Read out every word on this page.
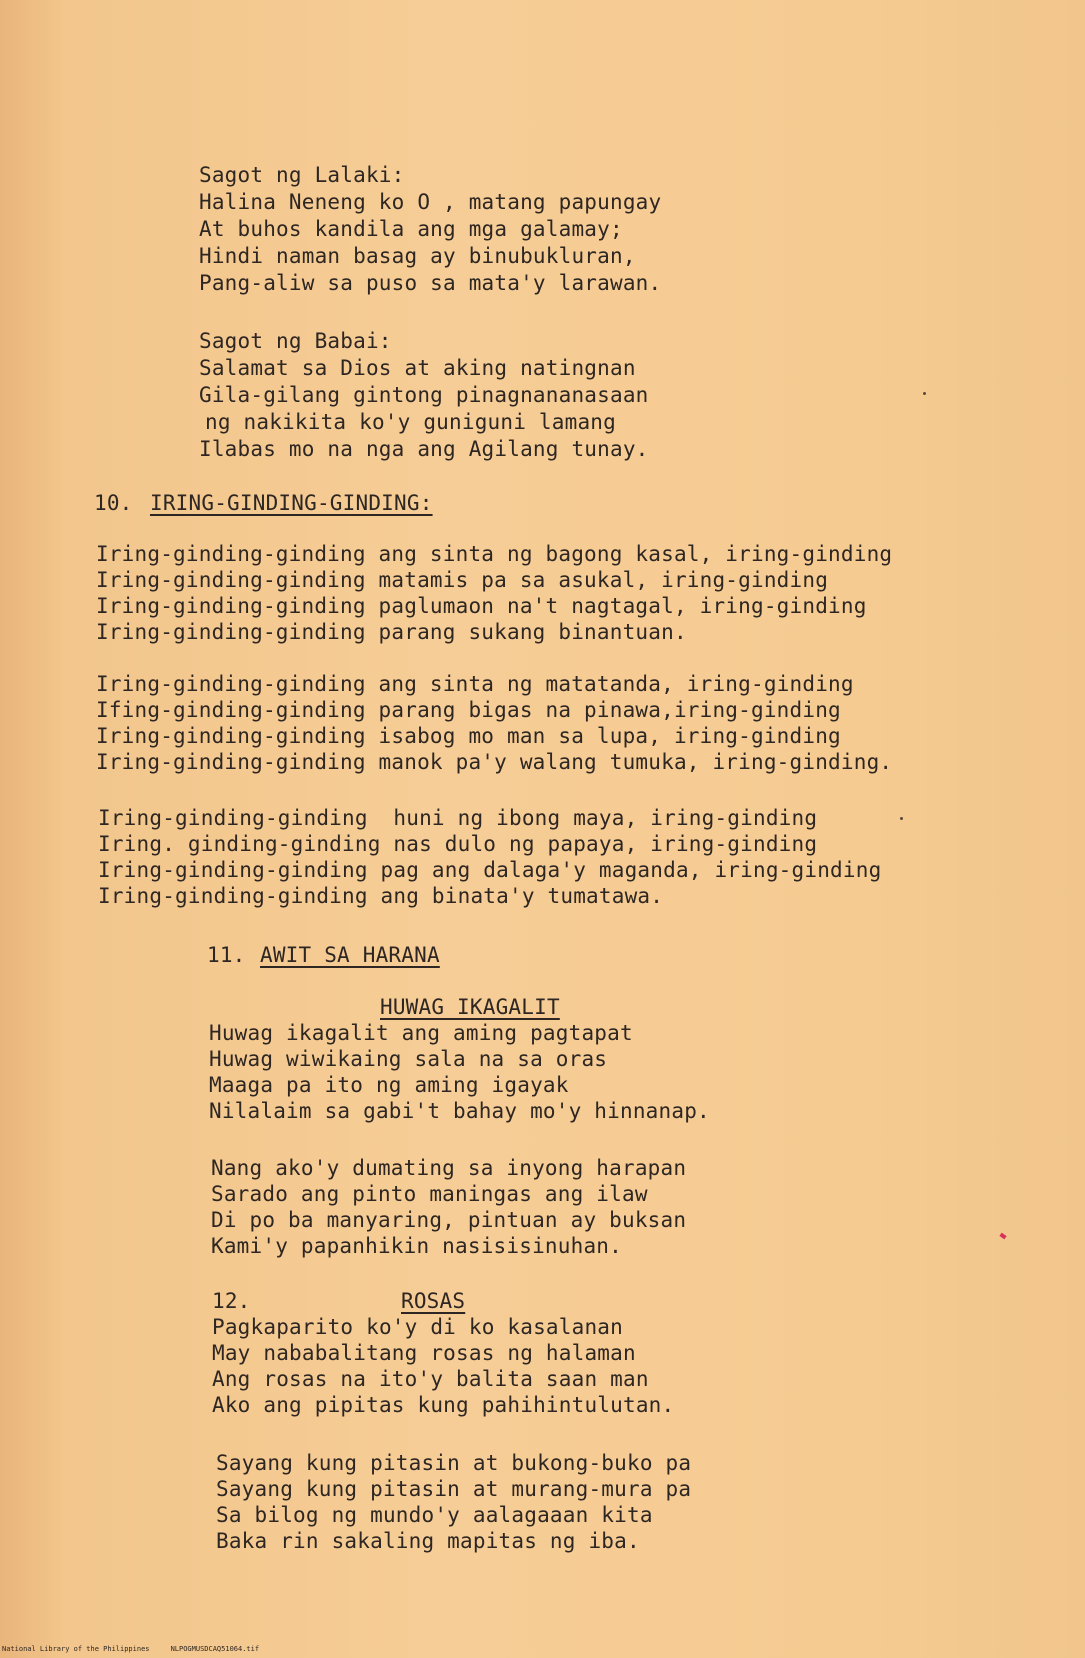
Sagot ng Lalaki:
Halina Neneng ko O , matang papungay
At buhos kandila ang mga galamay;
Hindi naman basag ay binubukluran,
Pang-aliw sa puso sa mata'y larawan.
Sagot ng Babai:
Salamat sa Dios at aking natingnan
Gila-gilang gintong pinagnananasaan
ng nakikita ko'y guniguni lamang
Ilabas mo na nga ang Agilang tunay.
10. IRING-GINDING-GINDING:
Iring-ginding-ginding ang sinta ng bagong kasal, iring-ginding
Iring-ginding-ginding matamis pa sa asukal, iring-ginding
Iring-ginding-ginding paglumaon na't nagtagal, iring-ginding
Iring-ginding-ginding parang sukang binantuan.
Iring-ginding-ginding ang sinta ng matatanda, iring-ginding
Ifing-ginding-ginding parang bigas na pinawa,iring-ginding
Iring-ginding-ginding isabog mo man sa lupa, iring-ginding
Iring-ginding-ginding manok pa'y walang tumuka, iring-ginding.
Iring-ginding-ginding  huni ng ibong maya, iring-ginding
Iring. ginding-ginding nas dulo ng papaya, iring-ginding
Iring-ginding-ginding pag ang dalaga'y maganda, iring-ginding
Iring-ginding-ginding ang binata'y tumatawa.
11. AWIT SA HARANA
HUWAG IKAGALIT
Huwag ikagalit ang aming pagtapat
Huwag wiwikaing sala na sa oras
Maaga pa ito ng aming igayak
Nilalaim sa gabi't bahay mo'y hinnanap.
Nang ako'y dumating sa inyong harapan
Sarado ang pinto maningas ang ilaw
Di po ba manyaring, pintuan ay buksan
Kami'y papanhikin nasisisinuhan.
12.	ROSAS
Pagkaparito ko'y di ko kasalanan
May nababalitang rosas ng halaman
Ang rosas na ito'y balita saan man
Ako ang pipitas kung pahihintulutan.
Sayang kung pitasin at bukong-buko pa
Sayang kung pitasin at murang-mura pa
Sa bilog ng mundo'y aalagaaan kita
Baka rin sakaling mapitas ng iba.
National Library of the Philippines     NLPOGMUSDCAQ51064.tif
